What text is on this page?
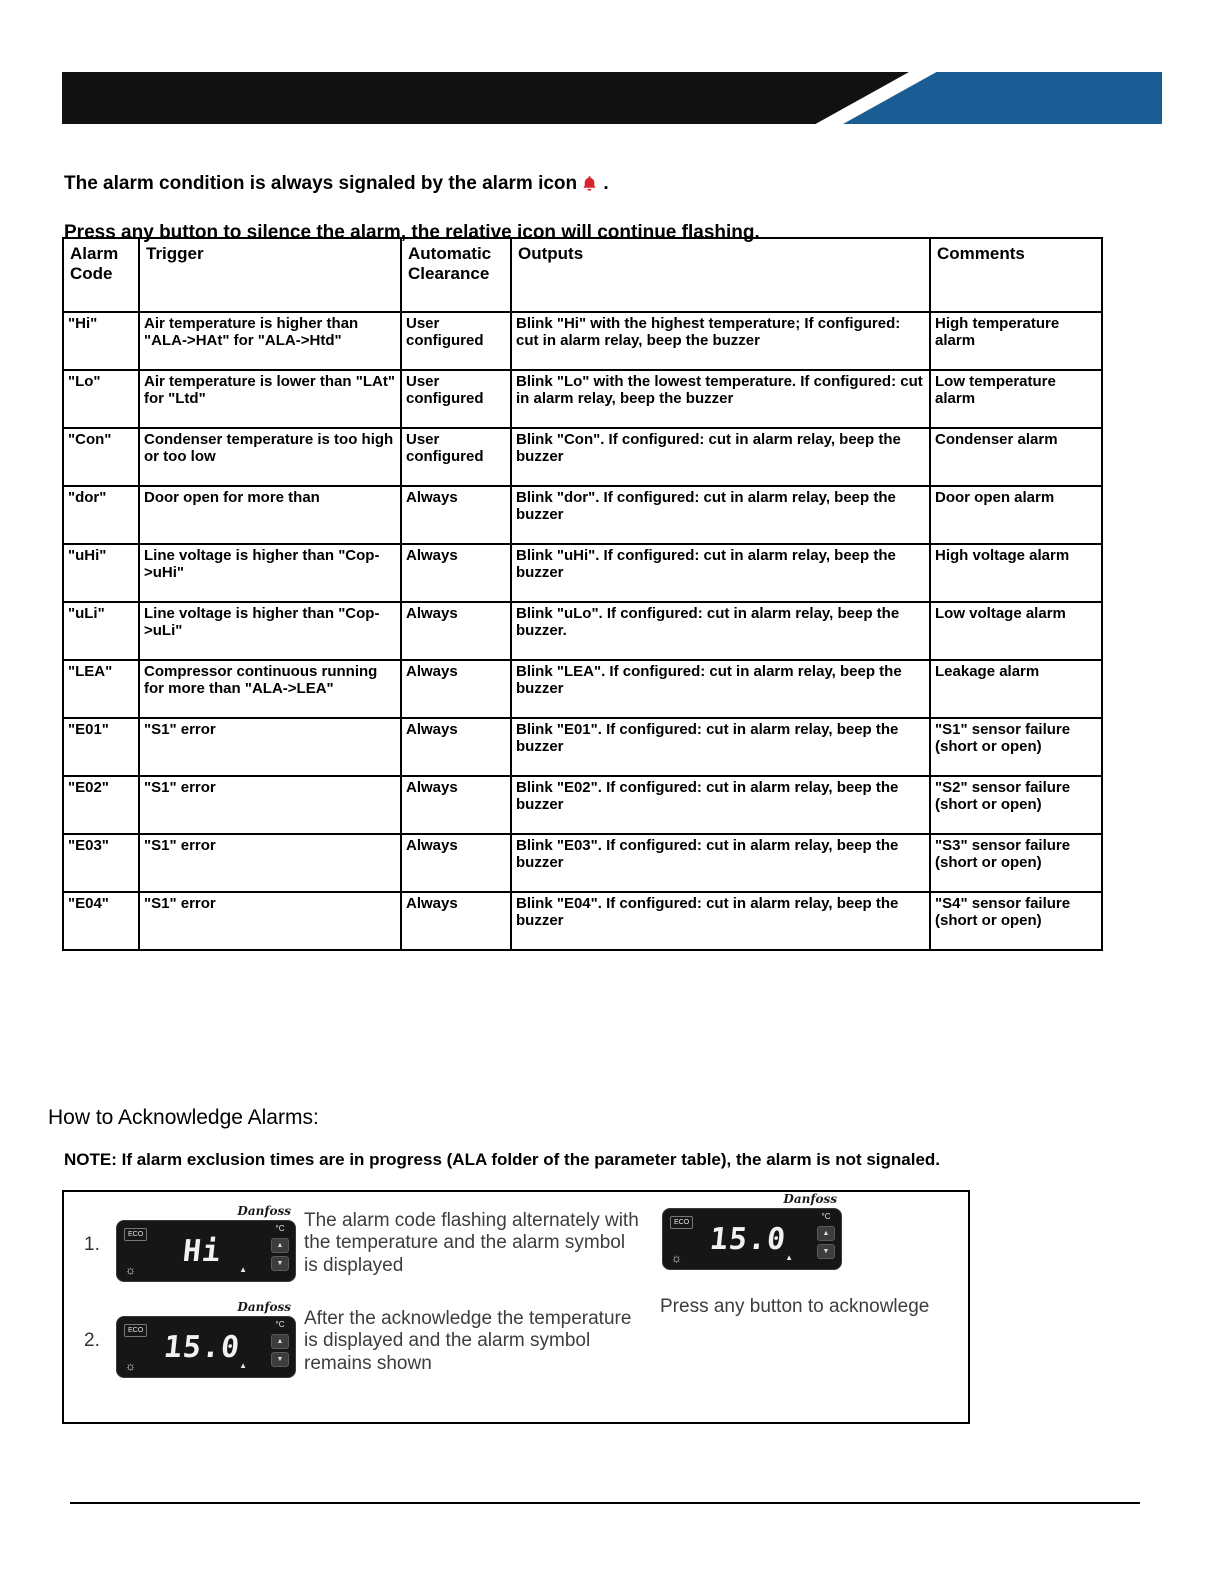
The alarm condition is always signaled by the alarm icon .

Press any button to silence the alarm, the relative icon will continue flashing.

Alarm Code	Trigger	Automatic Clearance	Outputs	Comments
"Hi"	Air temperature is higher than "ALA->HAt" for "ALA->Htd"	User configured	Blink "Hi" with the highest temperature; If configured: cut in alarm relay, beep the buzzer	High temperature alarm
"Lo"	Air temperature is lower than "LAt" for "Ltd"	User configured	Blink "Lo" with the lowest temperature. If configured: cut in alarm relay, beep the buzzer	Low temperature alarm
"Con"	Condenser temperature is too high or too low	User configured	Blink "Con". If configured: cut in alarm relay, beep the buzzer	Condenser alarm
"dor"	Door open for more than	Always	Blink "dor". If configured: cut in alarm relay, beep the buzzer	Door open alarm
"uHi"	Line voltage is higher than "Cop->uHi"	Always	Blink "uHi". If configured: cut in alarm relay, beep the buzzer	High voltage alarm
"uLi"	Line voltage is higher than "Cop->uLi"	Always	Blink "uLo". If configured: cut in alarm relay, beep the buzzer.	Low voltage alarm
"LEA"	Compressor continuous running for more than "ALA->LEA"	Always	Blink "LEA". If configured: cut in alarm relay, beep the buzzer	Leakage alarm
"E01"	"S1" error	Always	Blink "E01". If configured: cut in alarm relay, beep the buzzer	"S1" sensor failure (short or open)
"E02"	"S1" error	Always	Blink "E02". If configured: cut in alarm relay, beep the buzzer	"S2" sensor failure (short or open)
"E03"	"S1" error	Always	Blink "E03". If configured: cut in alarm relay, beep the buzzer	"S3" sensor failure (short or open)
"E04"	"S1" error	Always	Blink "E04". If configured: cut in alarm relay, beep the buzzer	"S4" sensor failure (short or open)
How to Acknowledge Alarms:
NOTE: If alarm exclusion times are in progress (ALA folder of the parameter table), the alarm is not signaled.
1.
Danfoss
ECO
☼
Hi
▲
°C
▲
▼
The alarm code flashing alternately with the temperature and the alarm symbol is displayed
Danfoss
ECO
☼
15.0
▲
°C
▲
▼
Press any button to acknowlege
2.
Danfoss
ECO
☼
15.0
▲
°C
▲
▼
After the acknowledge the temperature is displayed and the alarm symbol remains shown
